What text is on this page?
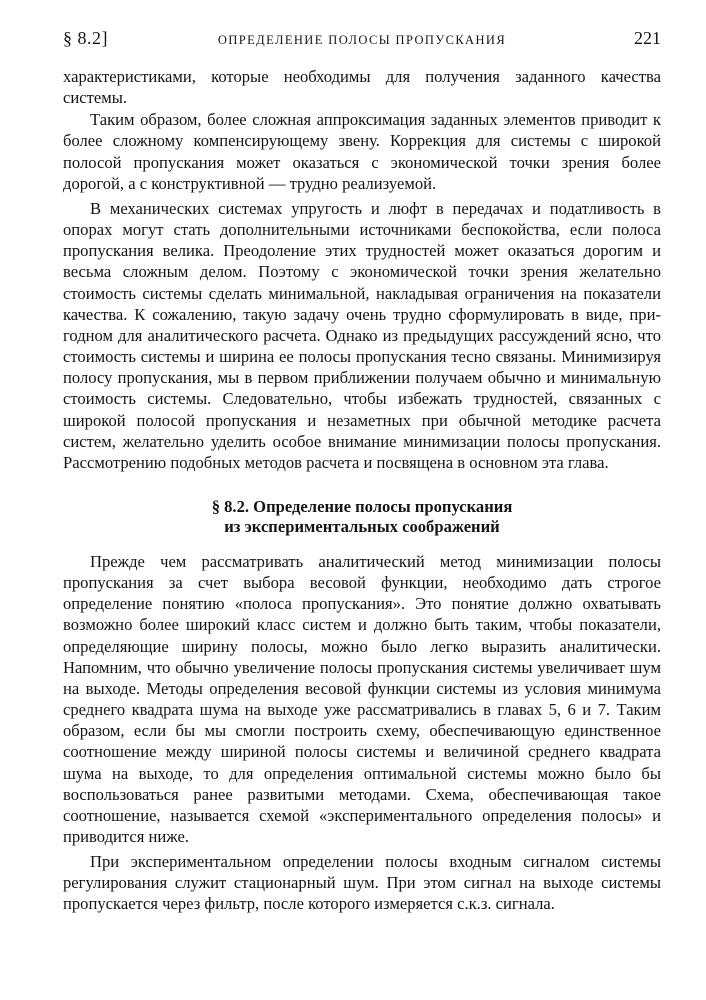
§ 8.2]	ОПРЕДЕЛЕНИЕ ПОЛОСЫ ПРОПУСКАНИЯ	221

характеристиками, которые необходимы для получения заданного качества системы.

Таким образом, более сложная аппроксимация заданных элементов приводит к более сложному компенсирующему звену. Коррекция для системы с широкой полосой пропускания может оказаться с экономической точки зрения более дорогой, а с конструктивной — трудно реализуемой.

В механических системах упругость и люфт в передачах и податливость в опорах могут стать дополнительными источниками беспокойства, если полоса пропускания велика. Преодоление этих трудностей может оказаться дорогим и весьма сложным делом. Поэтому с экономической точки зрения желательно стоимость системы сделать минимальной, накладывая ограничения на показатели качества. К сожалению, такую задачу очень трудно сформулировать в виде, пригодном для аналитического расчета. Однако из предыдущих рассуждений ясно, что стоимость системы и ширина ее полосы пропускания тесно связаны. Минимизируя полосу пропускания, мы в первом приближении получаем обычно и минимальную стоимость системы. Следовательно, чтобы избежать трудностей, связанных с широкой полосой пропускания и незаметных при обычной методике расчета систем, желательно уделить особое внимание минимизации полосы пропускания. Рассмотрению подобных методов расчета и посвящена в основном эта глава.

§ 8.2. Определение полосы пропускания
из экспериментальных соображений

Прежде чем рассматривать аналитический метод минимизации полосы пропускания за счет выбора весовой функции, необходимо дать строгое определение понятию «полоса пропускания». Это понятие должно охватывать возможно более широкий класс систем и должно быть таким, чтобы показатели, определяющие ширину полосы, можно было легко выразить аналитически. Напомним, что обычно увеличение полосы пропускания системы увеличивает шум на выходе. Методы определения весовой функции системы из условия минимума среднего квадрата шума на выходе уже рассматривались в главах 5, 6 и 7. Таким образом, если бы мы смогли построить схему, обеспечивающую единственное соотношение между шириной полосы системы и величиной среднего квадрата шума на выходе, то для определения оптимальной системы можно было бы воспользоваться ранее развитыми методами. Схема, обеспечивающая такое соотношение, называется схемой «экспериментального определения полосы» и приводится ниже.

При экспериментальном определении полосы входным сигналом системы регулирования служит стационарный шум. При этом сигнал на выходе системы пропускается через фильтр, после которого измеряется с.к.з. сигнала.
